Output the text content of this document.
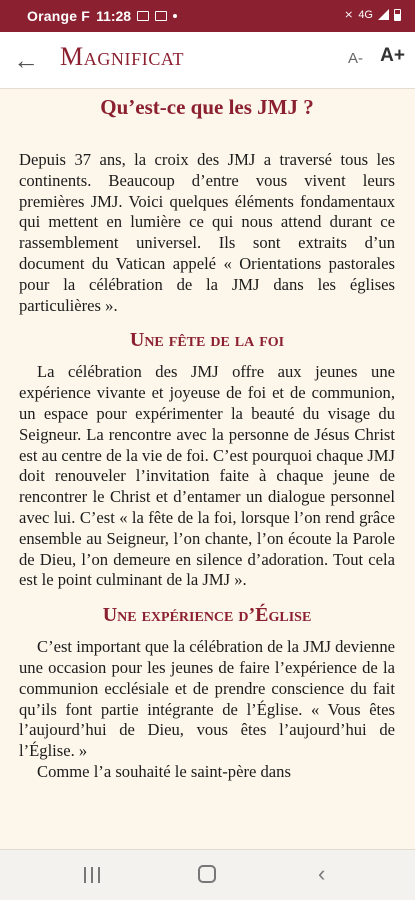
Orange F 11:28	⨯ 4G
← Magnificat	A- A+
Qu’est-ce que les JMJ ?

Depuis 37 ans, la croix des JMJ a traversé tous les continents. Beaucoup d’entre vous vivent leurs premières JMJ. Voici quelques éléments fondamentaux qui mettent en lumière ce qui nous attend durant ce rassemblement universel. Ils sont extraits d’un document du Vatican appelé « Orientations pastorales pour la célébration de la JMJ dans les églises particulières ».

Une fête de la foi

La célébration des JMJ offre aux jeunes une expérience vivante et joyeuse de foi et de communion, un espace pour expérimenter la beauté du visage du Seigneur. La rencontre avec la personne de Jésus Christ est au centre de la vie de foi. C’est pourquoi chaque JMJ doit renouveler l’invitation faite à chaque jeune de rencontrer le Christ et d’entamer un dialogue personnel avec lui. C’est « la fête de la foi, lorsque l’on rend grâce ensemble au Seigneur, l’on chante, l’on écoute la Parole de Dieu, l’on demeure en silence d’adoration. Tout cela est le point culminant de la JMJ ».

Une expérience d’Église

C’est important que la célébration de la JMJ devienne une occasion pour les jeunes de faire l’expérience de la communion ecclésiale et de prendre conscience du fait qu’ils font partie intégrante de l’Église. « Vous êtes l’aujourd’hui de Dieu, vous êtes l’aujourd’hui de l’Église. »

Comme l’a souhaité le saint-père dans

‹
